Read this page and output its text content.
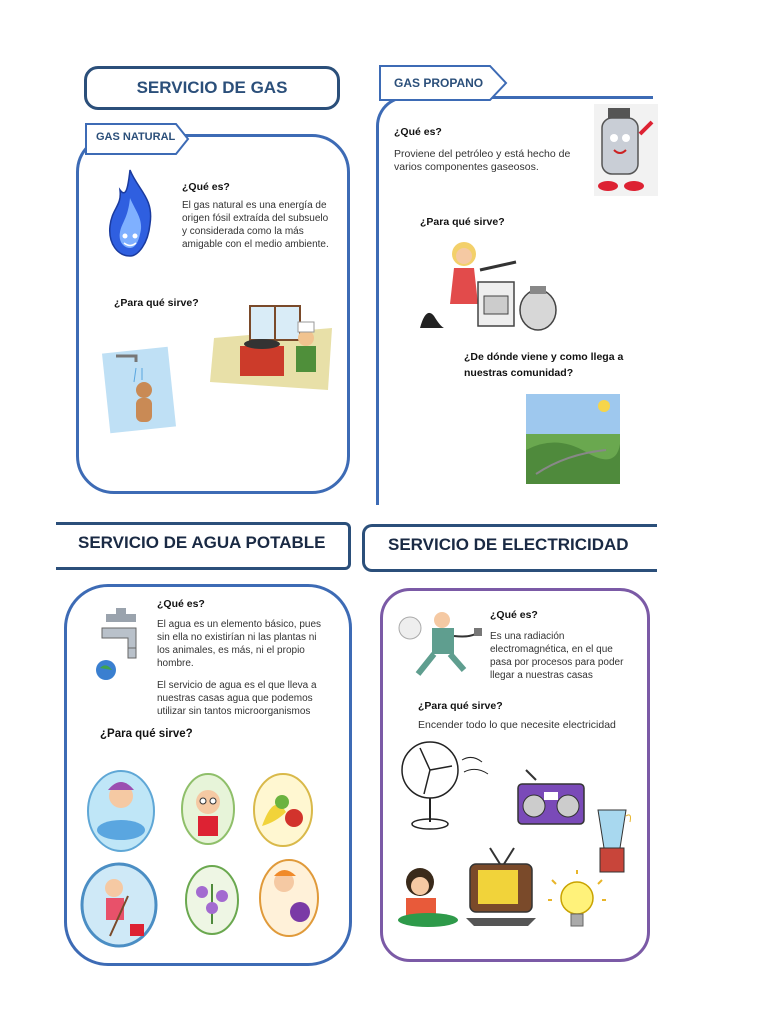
SERVICIO DE GAS
GAS NATURAL
¿Qué es?
El gas natural es una energía de origen fósil extraída del subsuelo y considerada como la más amigable con el medio ambiente.
¿Para qué sirve?
GAS PROPANO
¿Qué es?
Proviene del petróleo y está hecho de varios componentes gaseosos.
¿Para qué sirve?
¿De dónde viene y como llega a nuestras comunidad?
SERVICIO DE AGUA POTABLE
¿Qué es?
El agua es un elemento básico, pues sin ella no existirían ni las plantas ni los animales, es más, ni el propio hombre.
El servicio de agua es el que lleva a nuestras casas agua que podemos utilizar sin tantos microorganismos
¿Para qué sirve?
SERVICIO DE ELECTRICIDAD
¿Qué es?
Es una radiación electromagnética, en el que pasa por procesos para poder llegar a nuestras casas
¿Para qué sirve?
Encender todo lo que necesite electricidad
